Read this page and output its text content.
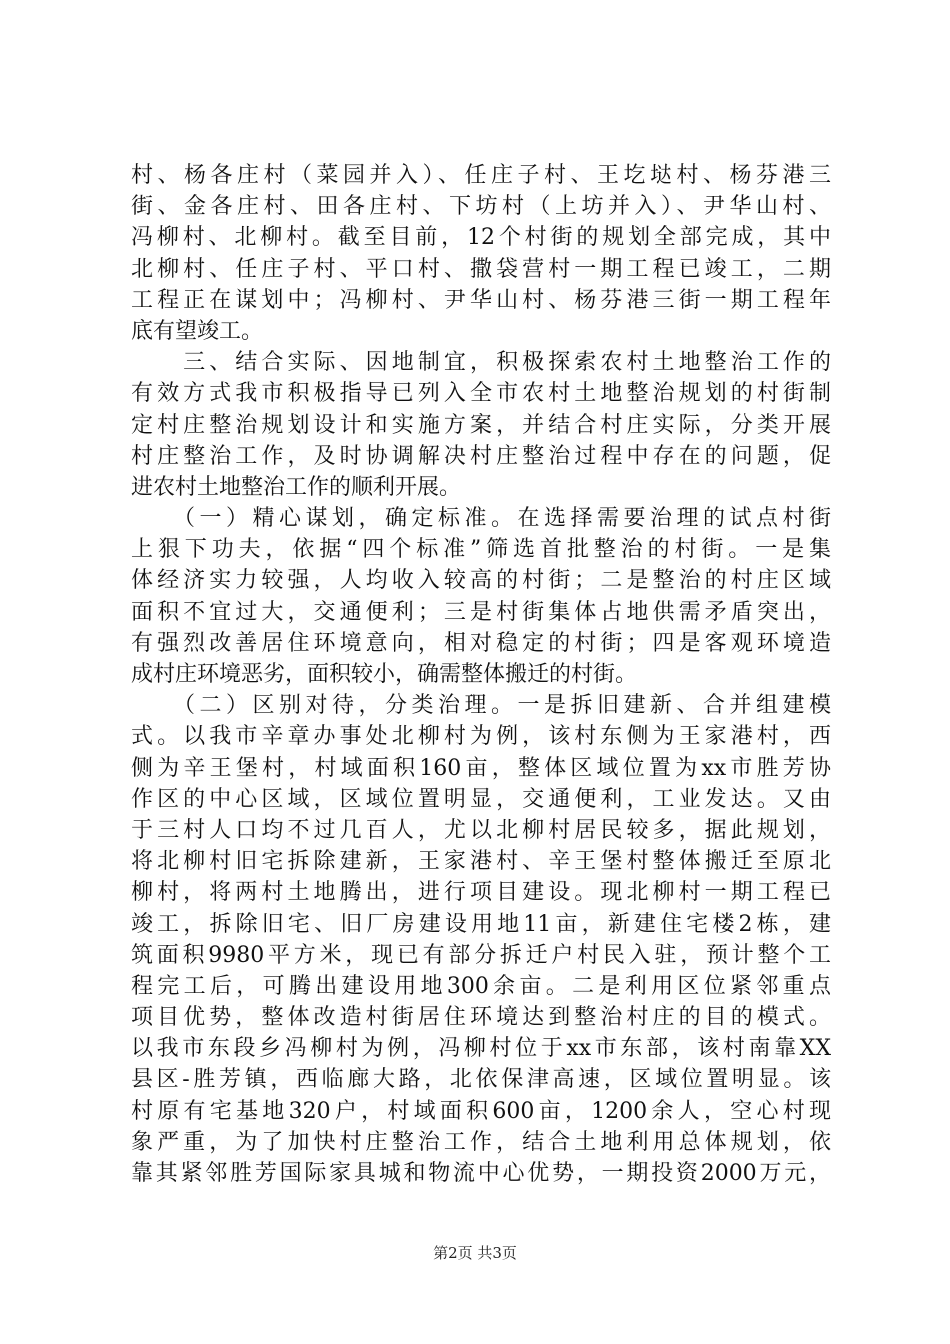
村、杨各庄村（菜园并入）、任庄子村、王圪垯村、杨芬港三
街、金各庄村、田各庄村、下坊村（上坊并入）、尹华山村、
冯柳村、北柳村。截至目前，12个村街的规划全部完成，其中
北柳村、任庄子村、平口村、撒袋营村一期工程已竣工，二期
工程正在谋划中；冯柳村、尹华山村、杨芬港三街一期工程年
底有望竣工。
　　三、结合实际、因地制宜，积极探索农村土地整治工作的
有效方式我市积极指导已列入全市农村土地整治规划的村街制
定村庄整治规划设计和实施方案，并结合村庄实际，分类开展
村庄整治工作，及时协调解决村庄整治过程中存在的问题，促
进农村土地整治工作的顺利开展。
　　（一）精心谋划，确定标准。在选择需要治理的试点村街
上狠下功夫，依据“四个标准”筛选首批整治的村街。一是集
体经济实力较强，人均收入较高的村街；二是整治的村庄区域
面积不宜过大，交通便利；三是村街集体占地供需矛盾突出，
有强烈改善居住环境意向，相对稳定的村街；四是客观环境造
成村庄环境恶劣，面积较小，确需整体搬迁的村街。
　　（二）区别对待，分类治理。一是拆旧建新、合并组建模
式。以我市辛章办事处北柳村为例，该村东侧为王家港村，西
侧为辛王堡村，村域面积160亩，整体区域位置为xx市胜芳协
作区的中心区域，区域位置明显，交通便利，工业发达。又由
于三村人口均不过几百人，尤以北柳村居民较多，据此规划，
将北柳村旧宅拆除建新，王家港村、辛王堡村整体搬迁至原北
柳村，将两村土地腾出，进行项目建设。现北柳村一期工程已
竣工，拆除旧宅、旧厂房建设用地11亩，新建住宅楼2栋，建
筑面积9980平方米，现已有部分拆迁户村民入驻，预计整个工
程完工后，可腾出建设用地300余亩。二是利用区位紧邻重点
项目优势，整体改造村街居住环境达到整治村庄的目的模式。
以我市东段乡冯柳村为例，冯柳村位于xx市东部，该村南靠XX
县区-胜芳镇，西临廊大路，北依保津高速，区域位置明显。该
村原有宅基地320户，村域面积600亩，1200余人，空心村现
象严重，为了加快村庄整治工作，结合土地利用总体规划，依
靠其紧邻胜芳国际家具城和物流中心优势，一期投资2000万元，
第2页 共3页
